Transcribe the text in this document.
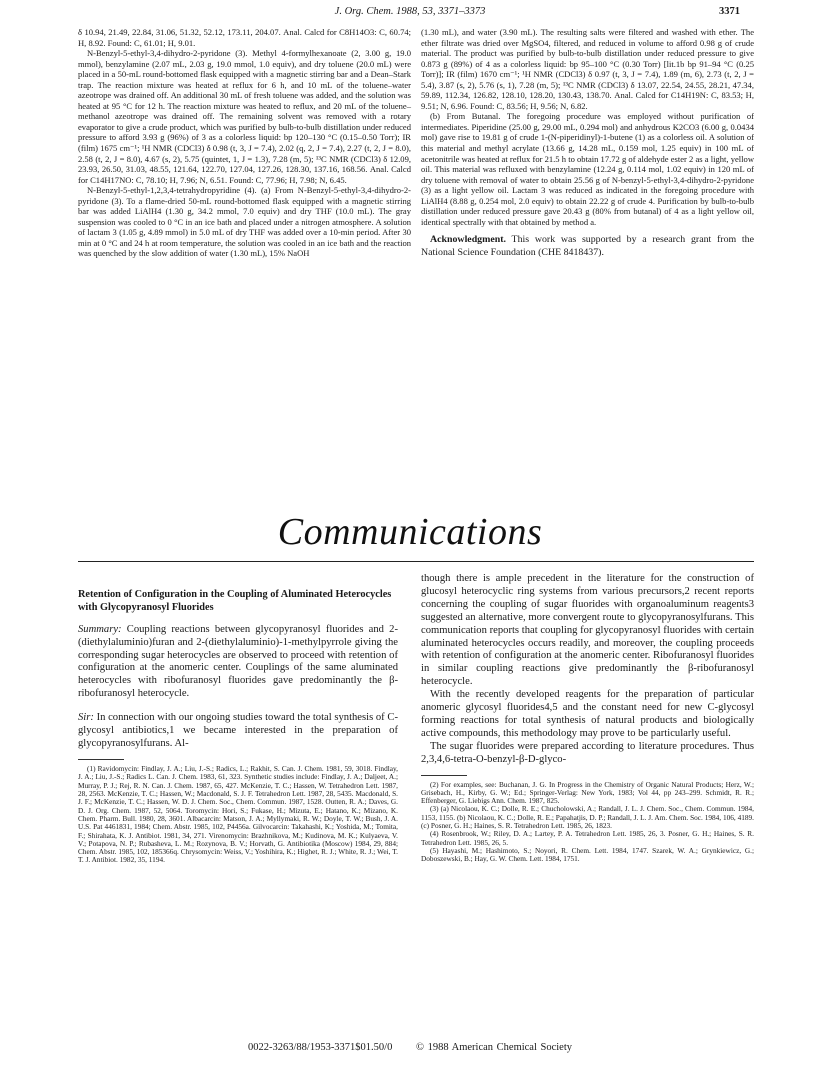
J. Org. Chem. 1988, 53, 3371–3373	3371

δ 10.94, 21.49, 22.84, 31.06, 51.32, 52.12, 173.11, 204.07. Anal. Calcd for C8H14O3: C, 60.74; H, 8.92. Found: C, 61.01; H, 9.01.

N-Benzyl-5-ethyl-3,4-dihydro-2-pyridone (3). Methyl 4-formylhexanoate (2, 3.00 g, 19.0 mmol), benzylamine (2.07 mL, 2.03 g, 19.0 mmol, 1.0 equiv), and dry toluene (20.0 mL) were placed in a 50-mL round-bottomed flask equipped with a magnetic stirring bar and a Dean–Stark trap. The reaction mixture was heated at reflux for 6 h, and 10 mL of the toluene–water azeotrope was drained off. An additional 30 mL of fresh toluene was added, and the solution was heated at 95 °C for 12 h. The reaction mixture was heated to reflux, and 20 mL of the toluene–methanol azeotrope was drained off. The remaining solvent was removed with a rotary evaporator to give a crude product, which was purified by bulb-to-bulb distillation under reduced pressure to afford 3.93 g (96%) of 3 as a colorless liquid: bp 120–130 °C (0.15–0.50 Torr); IR (film) 1675 cm⁻¹; ¹H NMR (CDCl3) δ 0.98 (t, 3, J = 7.4), 2.02 (q, 2, J = 7.4), 2.27 (t, 2, J = 8.0), 2.58 (t, 2, J = 8.0), 4.67 (s, 2), 5.75 (quintet, 1, J = 1.3), 7.28 (m, 5); ¹³C NMR (CDCl3) δ 12.09, 23.93, 26.50, 31.03, 48.55, 121.64, 122.70, 127.04, 127.26, 128.30, 137.16, 168.56. Anal. Calcd for C14H17NO: C, 78.10; H, 7.96; N, 6.51. Found: C, 77.96; H, 7.98; N, 6.45.

N-Benzyl-5-ethyl-1,2,3,4-tetrahydropyridine (4). (a) From N-Benzyl-5-ethyl-3,4-dihydro-2-pyridone (3). To a flame-dried 50-mL round-bottomed flask equipped with a magnetic stirring bar was added LiAlH4 (1.30 g, 34.2 mmol, 7.0 equiv) and dry THF (10.0 mL). The gray suspension was cooled to 0 °C in an ice bath and placed under a nitrogen atmosphere. A solution of lactam 3 (1.05 g, 4.89 mmol) in 5.0 mL of dry THF was added over a 10-min period. After 30 min at 0 °C and 24 h at room temperature, the solution was cooled in an ice bath and the reaction was quenched by the slow addition of water (1.30 mL), 15% NaOH

(1.30 mL), and water (3.90 mL). The resulting salts were filtered and washed with ether. The ether filtrate was dried over MgSO4, filtered, and reduced in volume to afford 0.98 g of crude material. The product was purified by bulb-to-bulb distillation under reduced pressure to give 0.873 g (89%) of 4 as a colorless liquid: bp 95–100 °C (0.30 Torr) [lit.1b bp 91–94 °C (0.25 Torr)]; IR (film) 1670 cm⁻¹; ¹H NMR (CDCl3) δ 0.97 (t, 3, J = 7.4), 1.89 (m, 6), 2.73 (t, 2, J = 5.4), 3.87 (s, 2), 5.76 (s, 1), 7.28 (m, 5); ¹³C NMR (CDCl3) δ 13.07, 22.54, 24.55, 28.21, 47.34, 59.89, 112.34, 126.82, 128.10, 128.20, 130.43, 138.70. Anal. Calcd for C14H19N: C, 83.53; H, 9.51; N, 6.96. Found: C, 83.56; H, 9.56; N, 6.82.

(b) From Butanal. The foregoing procedure was employed without purification of intermediates. Piperidine (25.00 g, 29.00 mL, 0.294 mol) and anhydrous K2CO3 (6.00 g, 0.0434 mol) gave rise to 19.81 g of crude 1-(N-piperidinyl)-1-butene (1) as a colorless oil. A solution of this material and methyl acrylate (13.66 g, 14.28 mL, 0.159 mol, 1.25 equiv) in 100 mL of acetonitrile was heated at reflux for 21.5 h to obtain 17.72 g of aldehyde ester 2 as a light, yellow oil. This material was refluxed with benzylamine (12.24 g, 0.114 mol, 1.02 equiv) in 120 mL of dry toluene with removal of water to obtain 25.56 g of N-benzyl-5-ethyl-3,4-dihydro-2-pyridone (3) as a light yellow oil. Lactam 3 was reduced as indicated in the foregoing procedure with LiAlH4 (8.88 g, 0.254 mol, 2.0 equiv) to obtain 22.22 g of crude 4. Purification by bulb-to-bulb distillation under reduced pressure gave 20.43 g (80% from butanal) of 4 as a light yellow oil, identical spectrally with that obtained by method a.

Acknowledgment. This work was supported by a research grant from the National Science Foundation (CHE 8418437).

Communications
Retention of Configuration in the Coupling of Aluminated Heterocycles with Glycopyranosyl Fluorides
Summary: Coupling reactions between glycopyranosyl fluorides and 2-(diethylaluminio)furan and 2-(diethylaluminio)-1-methylpyrrole giving the corresponding sugar heterocycles are observed to proceed with retention of configuration at the anomeric center. Couplings of the same aluminated heterocycles with ribofuranosyl fluorides gave predominantly the β-ribofuranosyl heterocycle.
Sir: In connection with our ongoing studies toward the total synthesis of C-glycosyl antibiotics,1 we became interested in the preparation of glycopyranosylfurans. Al-

(1) Ravidomycin: Findlay, J. A.; Liu, J.-S.; Radics, L.; Rakhit, S. Can. J. Chem. 1981, 59, 3018. Findlay, J. A.; Liu, J.-S.; Radics L. Can. J. Chem. 1983, 61, 323. Synthetic studies include: Findlay, J. A.; Daljeet, A.; Murray, P. J.; Rej, R. N. Can. J. Chem. 1987, 65, 427. McKenzie, T. C.; Hassen, W. Tetrahedron Lett. 1987, 28, 2563. McKenzie, T. C.; Hassen, W.; Macdonald, S. J. F. Tetrahedron Lett. 1987, 28, 5435. Macdonald, S. J. F.; McKenzie, T. C.; Hassen, W. D. J. Chem. Soc., Chem. Commun. 1987, 1528. Outten, R. A.; Daves, G. D. J. Org. Chem. 1987, 52, 5064. Toromycin: Hori, S.; Fukase, H.; Mizuta, E.; Hatano, K.; Mizano, K. Chem. Pharm. Bull. 1980, 28, 3601. Albacarcin: Matson, J. A.; Myllymaki, R. W.; Doyle, T. W.; Bush, J. A. U.S. Pat 4461831, 1984; Chem. Abstr. 1985, 102, P4456a. Gilvocarcin: Takahashi, K.; Yoshida, M.; Tomita, F.; Shirahata, K. J. Antibiot. 1981, 34, 271. Virenomycin: Brazhnikova, M.; Kudinova, M. K.; Kulyaeva, V. V.; Potapova, N. P.; Rubasheva, L. M.; Rozynova, B. V.; Horvath, G. Antibiotika (Moscow) 1984, 29, 884; Chem. Abstr. 1985, 102, 185366q. Chrysomycin: Weiss, V.; Yoshihira, K.; Highet, R. J.; White, R. J.; Wei, T. T. J. Antibiot. 1982, 35, 1194.

though there is ample precedent in the literature for the construction of glucosyl heterocyclic ring systems from various precursors,2 recent reports concerning the coupling of sugar fluorides with organoaluminum reagents3 suggested an alternative, more convergent route to glycopyranosylfurans. This communication reports that coupling for glycopyranosyl fluorides with certain aluminated heterocycles occurs readily, and moreover, the coupling proceeds with retention of configuration at the anomeric center. Ribofuranosyl fluorides in similar coupling reactions give predominantly the β-ribofuranosyl heterocycle.

With the recently developed reagents for the preparation of particular anomeric glycosyl fluorides4,5 and the constant need for new C-glycosyl forming reactions for total synthesis of natural products and biologically active compounds, this methodology may prove to be particularly useful.

The sugar fluorides were prepared according to literature procedures. Thus 2,3,4,6-tetra-O-benzyl-β-D-glyco-

(2) For examples, see: Buchanan, J. G. In Progress in the Chemistry of Organic Natural Products; Herz, W.; Grisebach, H., Kirby, G. W.; Ed.; Springer-Verlag: New York, 1983; Vol 44, pp 243–299. Schmidt, R. R.; Effenberger, G. Liebigs Ann. Chem. 1987, 825.

(3) (a) Nicolaou, K. C.; Dolle, R. E.; Chucholowski, A.; Randall, J. L. J. Chem. Soc., Chem. Commun. 1984, 1153, 1155. (b) Nicolaou, K. C.; Dolle, R. E.; Papahatjis, D. P.; Randall, J. L. J. Am. Chem. Soc. 1984, 106, 4189. (c) Posner, G. H.; Haines, S. R. Tetrahedron Lett. 1985, 26, 1823.

(4) Rosenbrook, W.; Riley, D. A.; Lartey, P. A. Tetrahedron Lett. 1985, 26, 3. Posner, G. H.; Haines, S. R. Tetrahedron Lett. 1985, 26, 5.

(5) Hayashi, M.; Hashimoto, S.; Noyori, R. Chem. Lett. 1984, 1747. Szarek, W. A.; Grynkiewicz, G.; Doboszewski, B.; Hay, G. W. Chem. Lett. 1984, 1751.

0022-3263/88/1953-3371$01.50/0 © 1988 American Chemical Society
